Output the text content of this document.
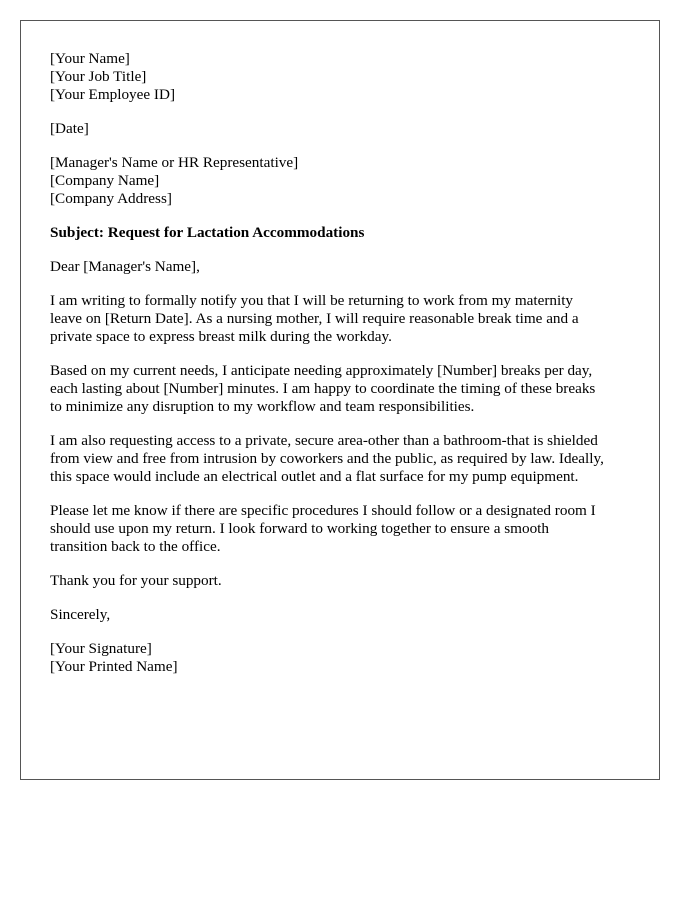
[Your Name]
[Your Job Title]
[Your Employee ID]
[Date]
[Manager's Name or HR Representative]
[Company Name]
[Company Address]
Subject: Request for Lactation Accommodations
Dear [Manager's Name],

I am writing to formally notify you that I will be returning to work from my maternity
leave on [Return Date]. As a nursing mother, I will require reasonable break time and a
private space to express breast milk during the workday.

Based on my current needs, I anticipate needing approximately [Number] breaks per day,
each lasting about [Number] minutes. I am happy to coordinate the timing of these breaks
to minimize any disruption to my workflow and team responsibilities.

I am also requesting access to a private, secure area-other than a bathroom-that is shielded
from view and free from intrusion by coworkers and the public, as required by law. Ideally,
this space would include an electrical outlet and a flat surface for my pump equipment.

Please let me know if there are specific procedures I should follow or a designated room I
should use upon my return. I look forward to working together to ensure a smooth
transition back to the office.

Thank you for your support.

Sincerely,
[Your Signature]
[Your Printed Name]
